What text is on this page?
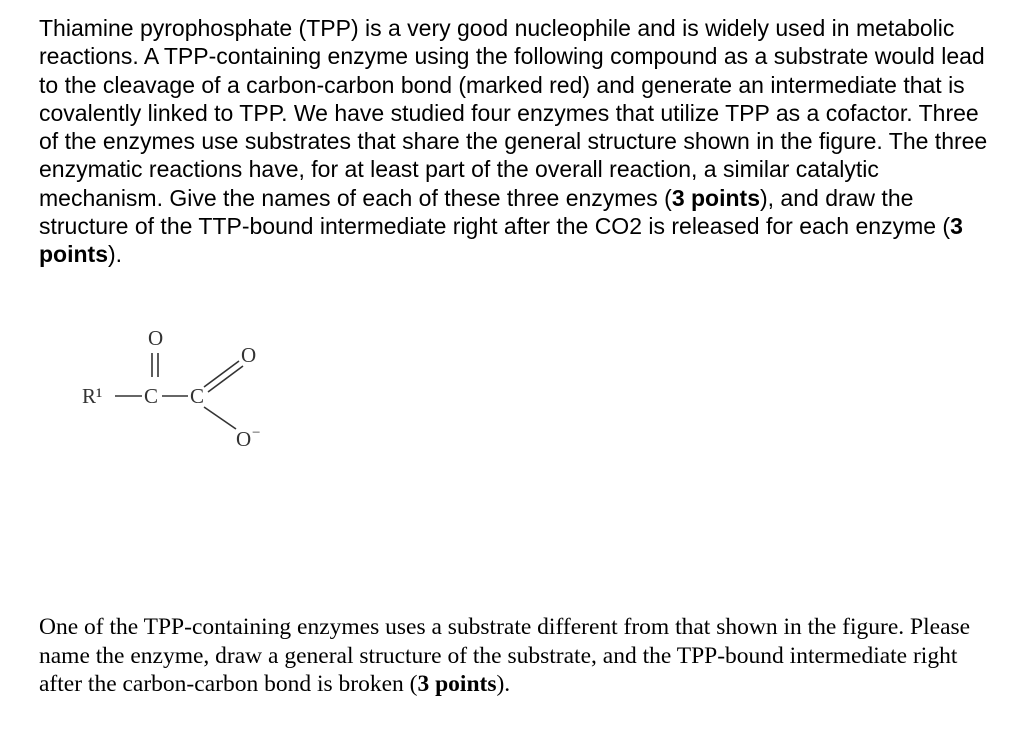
Thiamine pyrophosphate (TPP) is a very good nucleophile and is widely used in metabolic reactions. A TPP-containing enzyme using the following compound as a substrate would lead to the cleavage of a carbon-carbon bond (marked red) and generate an intermediate that is covalently linked to TPP. We have studied four enzymes that utilize TPP as a cofactor. Three of the enzymes use substrates that share the general structure shown in the figure. The three enzymatic reactions have, for at least part of the overall reaction, a similar catalytic mechanism. Give the names of each of these three enzymes (3 points), and draw the structure of the TTP-bound intermediate right after the CO2 is released for each enzyme (3 points).
O
R¹ C C
O
O −
One of the TPP-containing enzymes uses a substrate different from that shown in the figure. Please name the enzyme, draw a general structure of the substrate, and the TPP-bound intermediate right after the carbon-carbon bond is broken (3 points).
